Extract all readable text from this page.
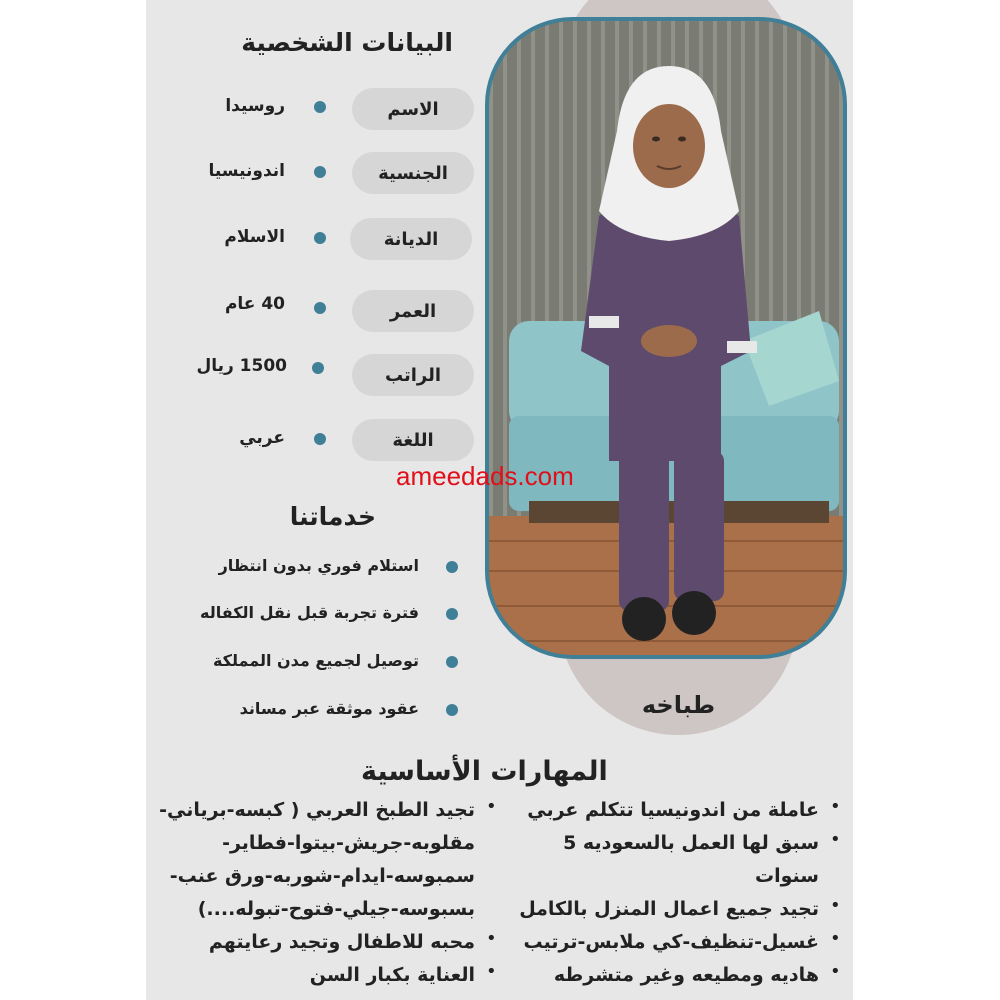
البيانات الشخصية
الاسم
روسيدا
الجنسية
اندونيسيا
الديانة
الاسلام
العمر
40 عام
الراتب
1500 ريال
اللغة
عربي
خدماتنا
استلام فوري بدون انتظار
فترة تجربة قبل نقل الكفاله
توصيل لجميع مدن المملكة
عقود موثقة عبر مساند	طباخه
ameedads.com
المهارات الأساسية
•
عاملة من اندونيسيا تتكلم عربي
•
سبق لها العمل بالسعوديه 5
سنوات
•
تجيد جميع اعمال المنزل بالكامل
•
غسيل-تنظيف-كي ملابس-ترتيب
•
هاديه ومطيعه وغير متشرطه
•
تجيد الطبخ العربي ( كبسه-برياني-
مقلوبه-جريش-بيتوا-فطاير-
سمبوسه-ايدام-شوربه-ورق عنب-
بسبوسه-جيلي-فتوح-تبوله....)
•
محبه للاطفال وتجيد رعايتهم
•
العناية بكبار السن
